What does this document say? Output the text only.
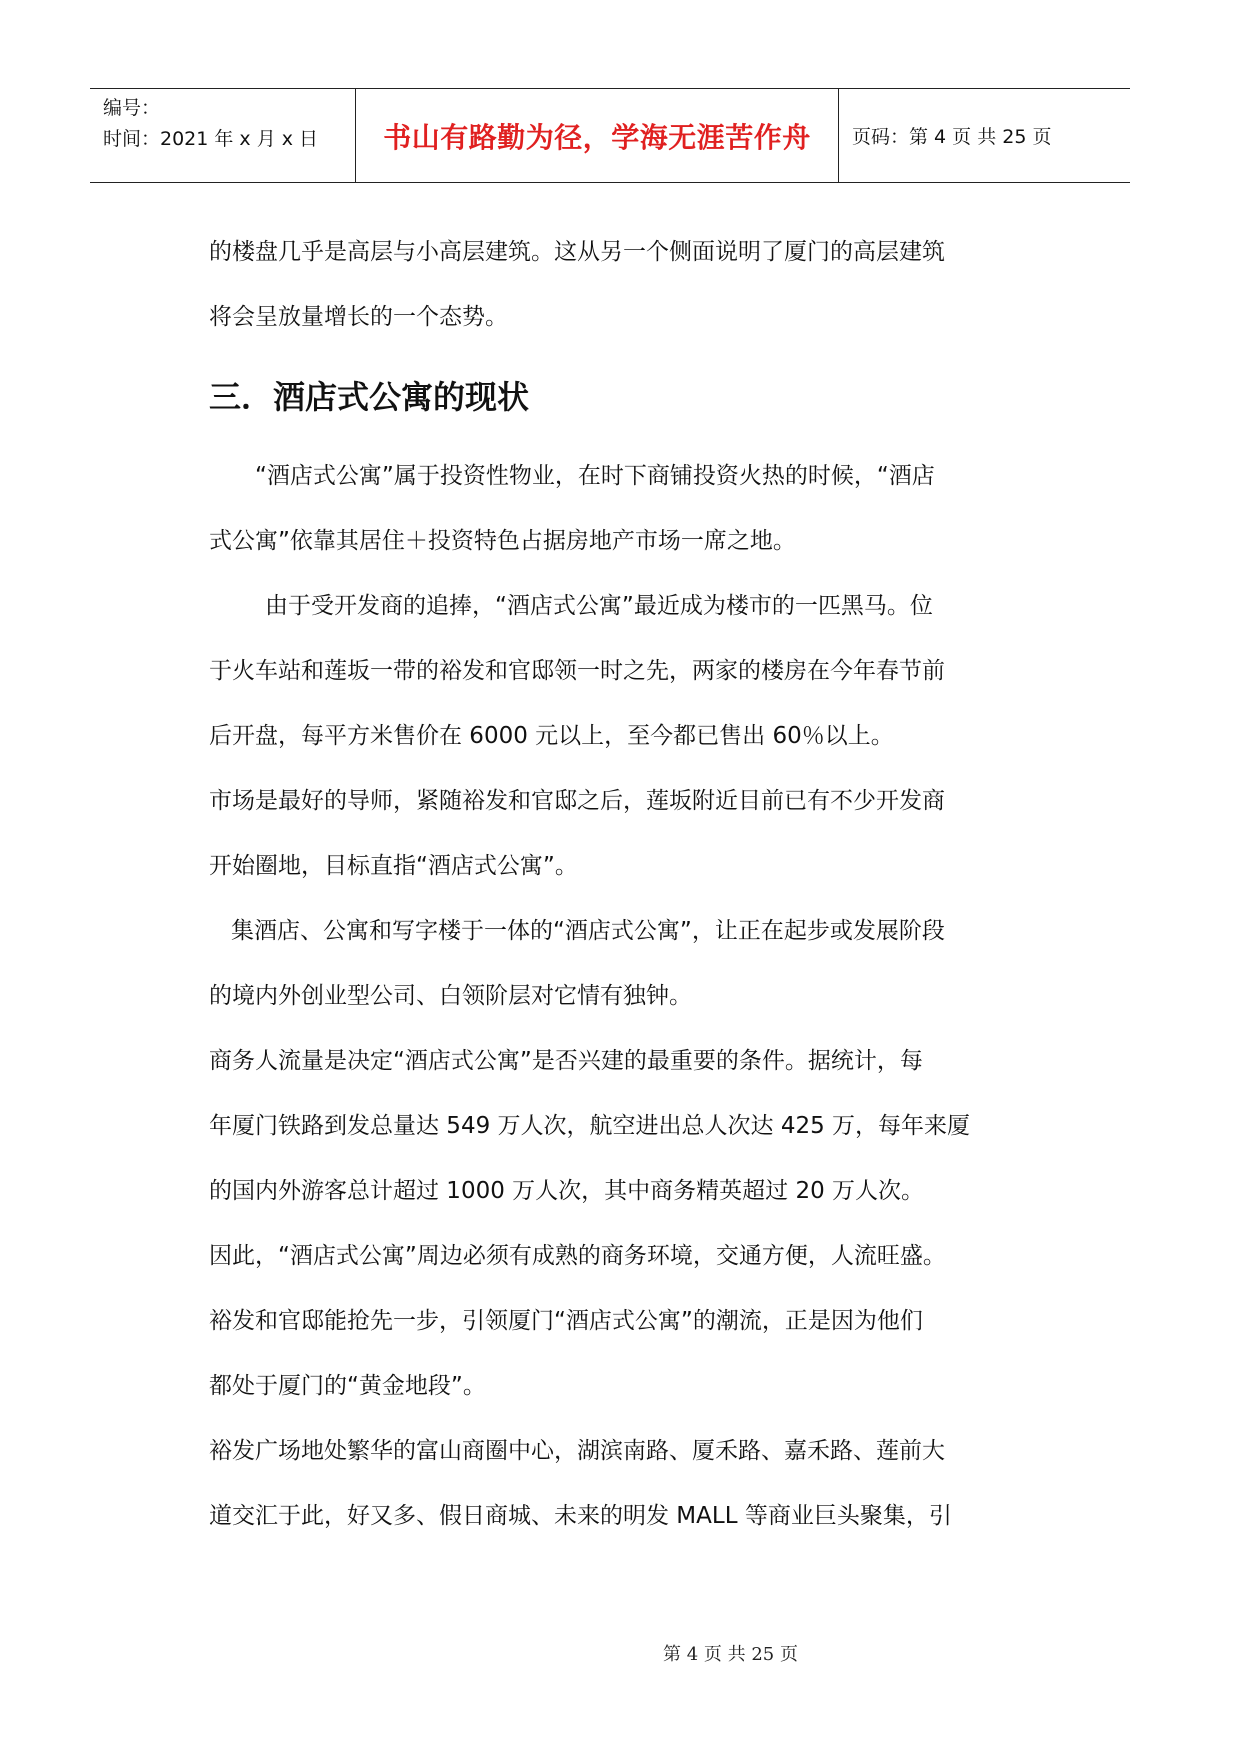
编号：
时间：2021 年 x 月 x 日	书山有路勤为径，学海无涯苦作舟 页码：第 4 页 共 25 页

的楼盘几乎是高层与小高层建筑。这从另一个侧面说明了厦门的高层建筑

将会呈放量增长的一个态势。

三．酒店式公寓的现状

“酒店式公寓”属于投资性物业，在时下商铺投资火热的时候，“酒店

式公寓”依靠其居住＋投资特色占据房地产市场一席之地。

由于受开发商的追捧，“酒店式公寓”最近成为楼市的一匹黑马。位

于火车站和莲坂一带的裕发和官邸领一时之先，两家的楼房在今年春节前

后开盘，每平方米售价在 6000 元以上，至今都已售出 60％以上。

市场是最好的导师，紧随裕发和官邸之后，莲坂附近目前已有不少开发商

开始圈地，目标直指“酒店式公寓”。

集酒店、公寓和写字楼于一体的“酒店式公寓”，让正在起步或发展阶段

的境内外创业型公司、白领阶层对它情有独钟。

商务人流量是决定“酒店式公寓”是否兴建的最重要的条件。据统计，每

年厦门铁路到发总量达 549 万人次，航空进出总人次达 425 万，每年来厦

的国内外游客总计超过 1000 万人次，其中商务精英超过 20 万人次。

因此，“酒店式公寓”周边必须有成熟的商务环境，交通方便，人流旺盛。

裕发和官邸能抢先一步，引领厦门“酒店式公寓”的潮流，正是因为他们

都处于厦门的“黄金地段”。

裕发广场地处繁华的富山商圈中心，湖滨南路、厦禾路、嘉禾路、莲前大

道交汇于此，好又多、假日商城、未来的明发 MALL 等商业巨头聚集，引

第 4 页 共 25 页
